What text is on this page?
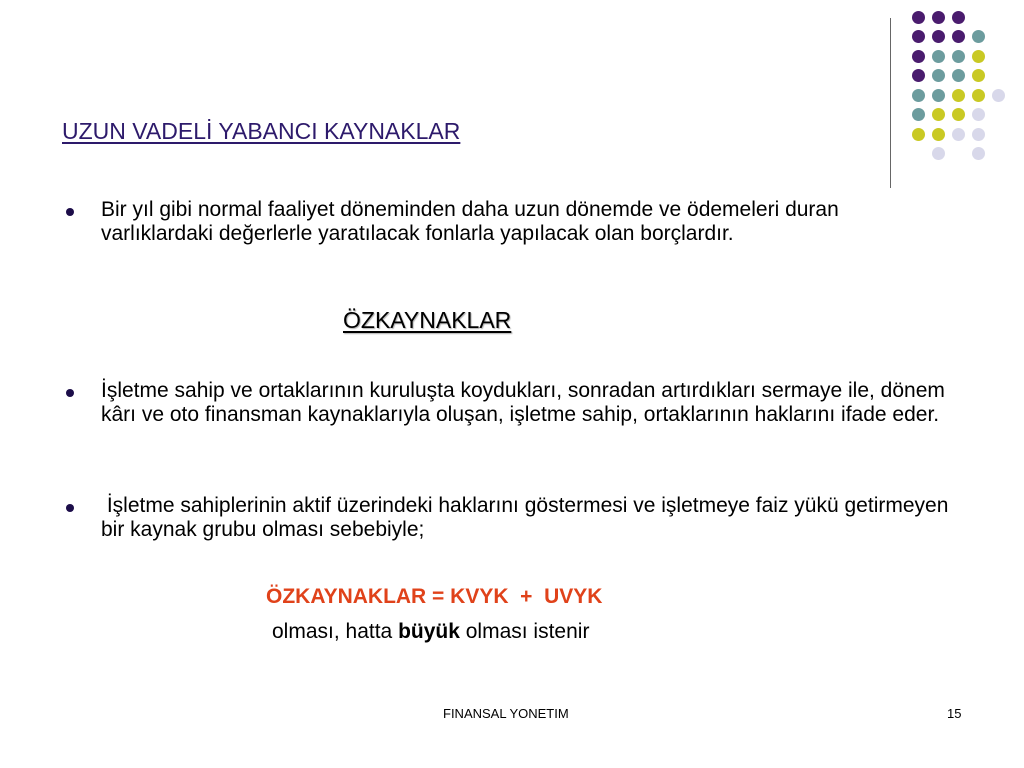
UZUN VADELİ YABANCI KAYNAKLAR
Bir yıl gibi normal faaliyet döneminden daha uzun dönemde ve ödemeleri duran varlıklardaki değerlerle yaratılacak fonlarla yapılacak olan borçlardır.
ÖZKAYNAKLAR
İşletme sahip ve ortaklarının kuruluşta koydukları, sonradan artırdıkları sermaye ile, dönem kârı ve oto finansman kaynaklarıyla oluşan, işletme sahip, ortaklarının haklarını ifade eder.
İşletme sahiplerinin aktif üzerindeki haklarını göstermesi ve işletmeye faiz yükü getirmeyen bir kaynak grubu olması sebebiyle;
ÖZKAYNAKLAR = KVYK  +  UVYK
olması, hatta büyük olması istenir
FINANSAL YONETIM	15
